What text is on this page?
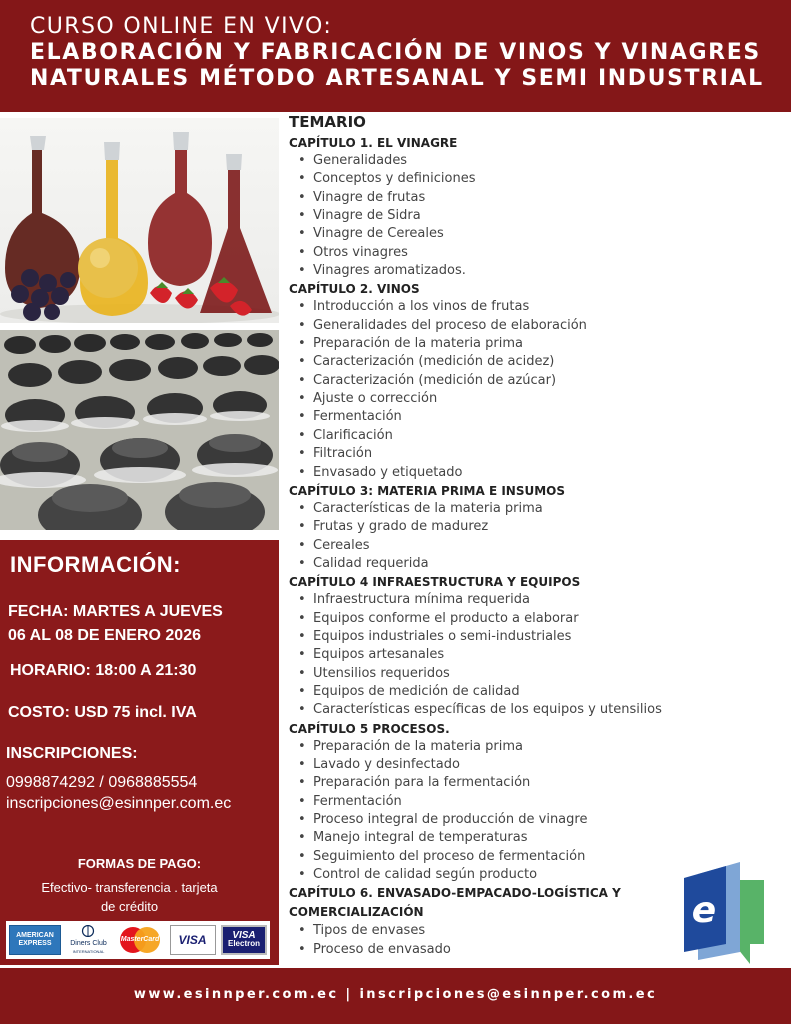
CURSO ONLINE EN VIVO:
ELABORACIÓN Y FABRICACIÓN DE VINOS Y VINAGRES
NATURALES MÉTODO ARTESANAL Y SEMI INDUSTRIAL
INFORMACIÓN:
FECHA: MARTES A JUEVES
06 AL 08 DE ENERO 2026
HORARIO: 18:00 A 21:30
COSTO: USD 75 incl. IVA
INSCRIPCIONES:
0998874292 / 0968885554
inscripciones@esinnper.com.ec
FORMAS DE PAGO:
Efectivo- transferencia . tarjeta
de crédito
AMERICAN
EXPRESS	Diners Club
INTERNATIONAL
MasterCard	VISA	VISA
Electron
TEMARIO
CAPÍTULO 1. EL VINAGRE
• Generalidades
• Conceptos y definiciones
• Vinagre de frutas
• Vinagre de Sidra
• Vinagre de Cereales
• Otros vinagres
• Vinagres aromatizados.
CAPÍTULO 2. VINOS
• Introducción a los vinos de frutas
• Generalidades del proceso de elaboración
• Preparación de la materia prima
• Caracterización (medición de acidez)
• Caracterización (medición de azúcar)
• Ajuste o corrección
• Fermentación
• Clarificación
• Filtración
• Envasado y etiquetado
CAPÍTULO 3: MATERIA PRIMA E INSUMOS
• Características de la materia prima
• Frutas y grado de madurez
• Cereales
• Calidad requerida
CAPÍTULO 4 INFRAESTRUCTURA Y EQUIPOS
• Infraestructura mínima requerida
• Equipos conforme el producto a elaborar
• Equipos industriales o semi-industriales
• Equipos artesanales
• Utensilios requeridos
• Equipos de medición de calidad
• Características específicas de los equipos y utensilios
CAPÍTULO 5 PROCESOS.
• Preparación de la materia prima
• Lavado y desinfectado
• Preparación para la fermentación
• Fermentación
• Proceso integral de producción de vinagre
• Manejo integral de temperaturas
• Seguimiento del proceso de fermentación
• Control de calidad según producto
CAPÍTULO 6. ENVASADO-EMPACADO-LOGÍSTICA Y
COMERCIALIZACIÓN
• Tipos de envases
• Proceso de envasado
e
www.esinnper.com.ec | inscripciones@esinnper.com.ec
